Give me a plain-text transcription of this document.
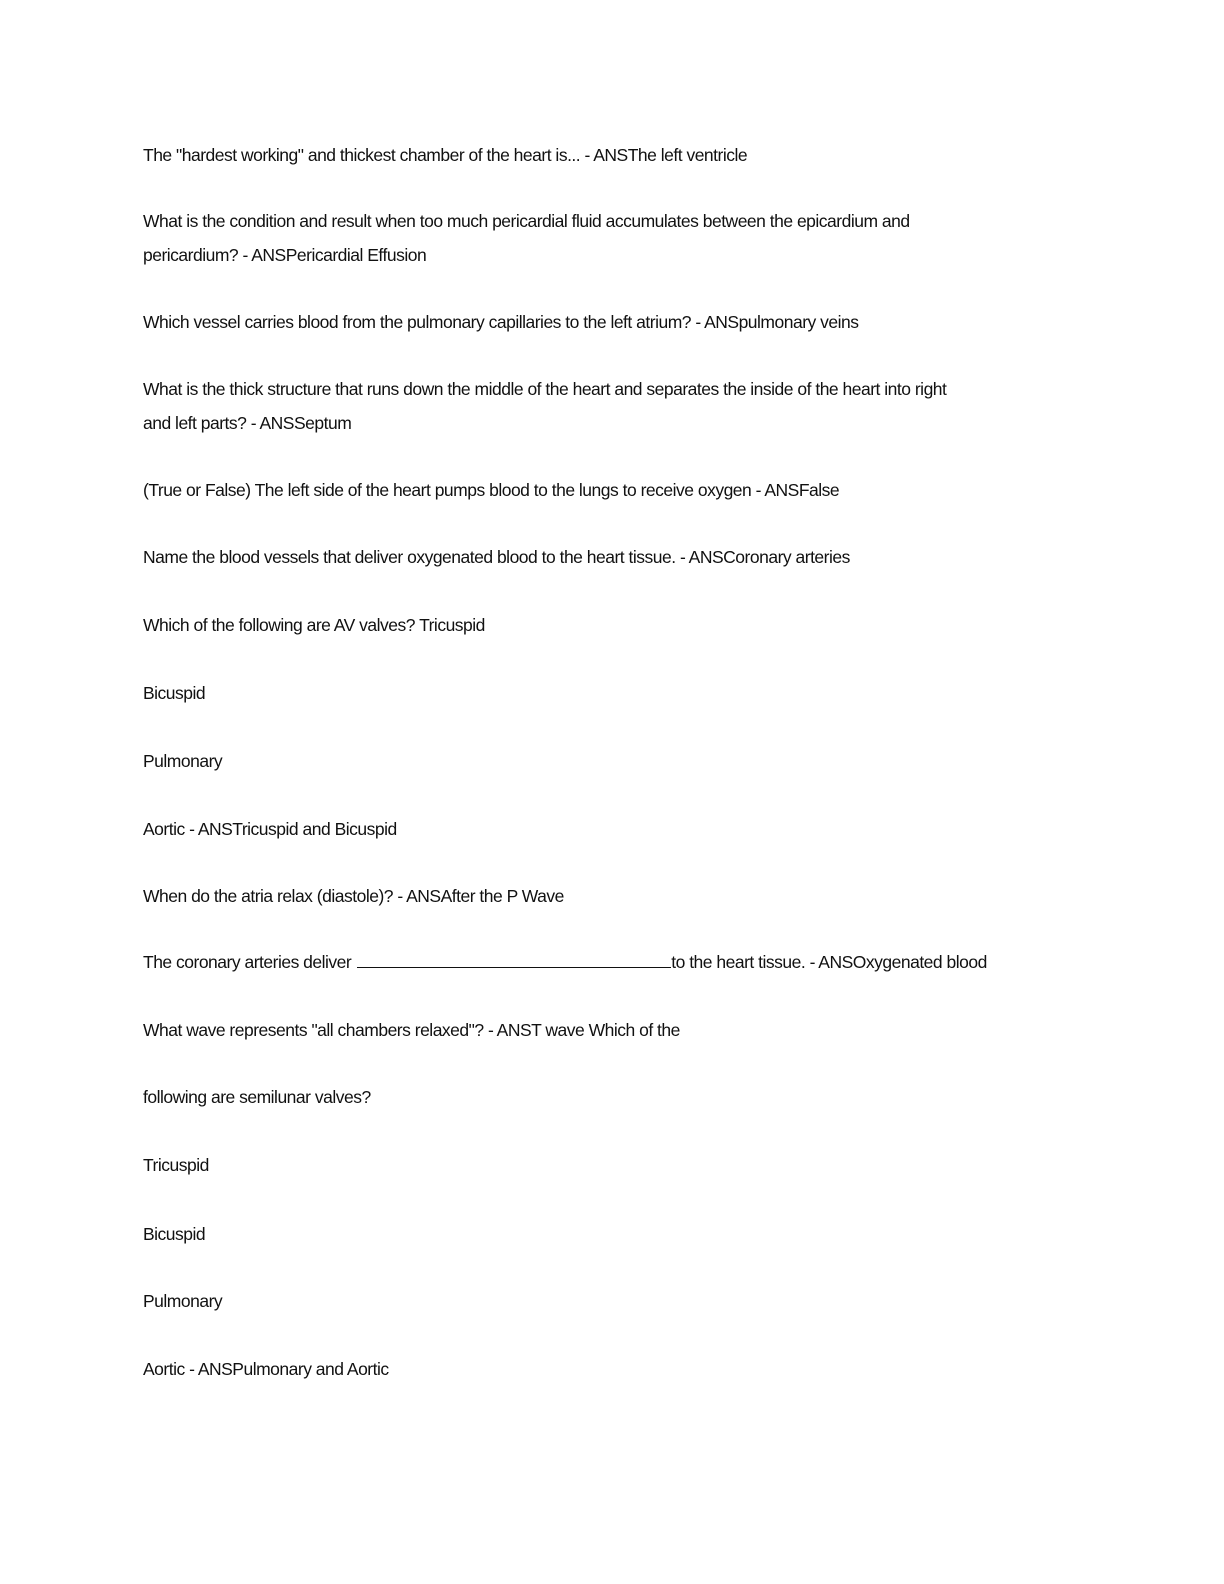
The "hardest working" and thickest chamber of the heart is... - ANSThe left ventricle
What is the condition and result when too much pericardial fluid accumulates between the epicardium and
pericardium? - ANSPericardial Effusion
Which vessel carries blood from the pulmonary capillaries to the left atrium? - ANSpulmonary veins
What is the thick structure that runs down the middle of the heart and separates the inside of the heart into right
and left parts? - ANSSeptum
(True or False) The left side of the heart pumps blood to the lungs to receive oxygen - ANSFalse
Name the blood vessels that deliver oxygenated blood to the heart tissue. - ANSCoronary arteries
Which of the following are AV valves? Tricuspid
Bicuspid
Pulmonary
Aortic - ANSTricuspid and Bicuspid
When do the atria relax (diastole)? - ANSAfter the P Wave
The coronary arteries deliver	to the heart tissue. - ANSOxygenated blood
What wave represents "all chambers relaxed"? - ANST wave Which of the
following are semilunar valves?
Tricuspid
Bicuspid
Pulmonary
Aortic - ANSPulmonary and Aortic
